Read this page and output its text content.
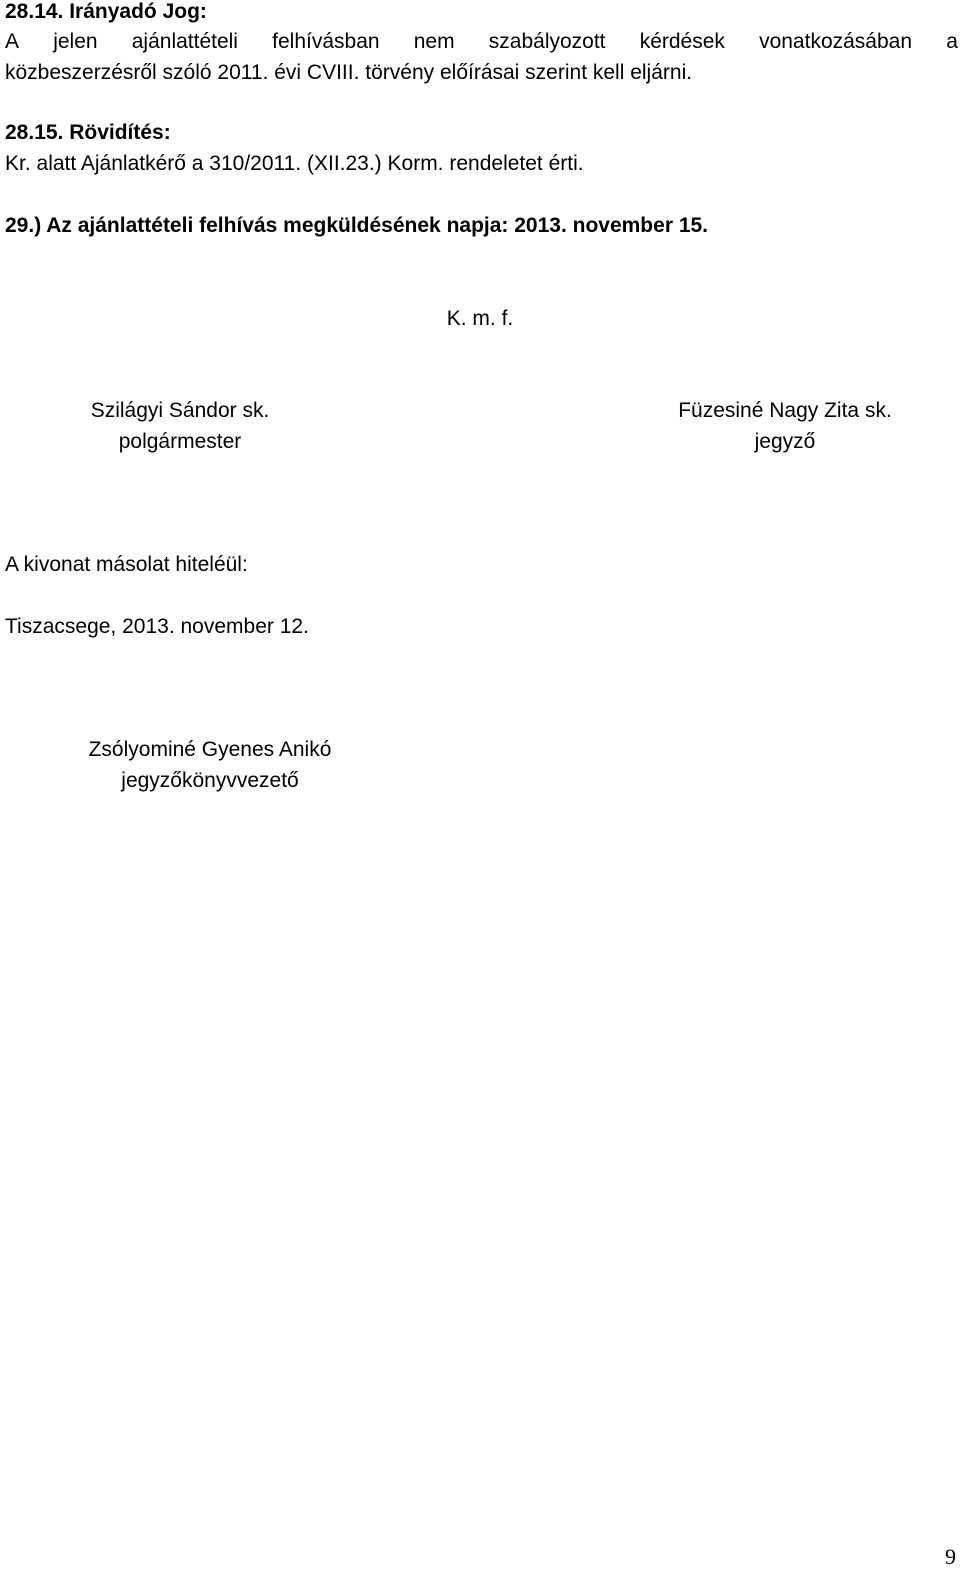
28.14. Irányadó Jog:
A jelen ajánlattételi felhívásban nem szabályozott kérdések vonatkozásában a
közbeszerzésről szóló 2011. évi CVIII. törvény előírásai szerint kell eljárni.
28.15. Rövidítés:
Kr. alatt Ajánlatkérő a 310/2011. (XII.23.) Korm. rendeletet érti.
29.) Az ajánlattételi felhívás megküldésének napja: 2013. november 15.
K. m. f.
Szilágyi Sándor sk.
polgármester
Füzesiné Nagy Zita sk.
jegyző
A kivonat másolat hiteléül:
Tiszacsege, 2013. november 12.
Zsólyominé Gyenes Anikó
jegyzőkönyvvezető
9
